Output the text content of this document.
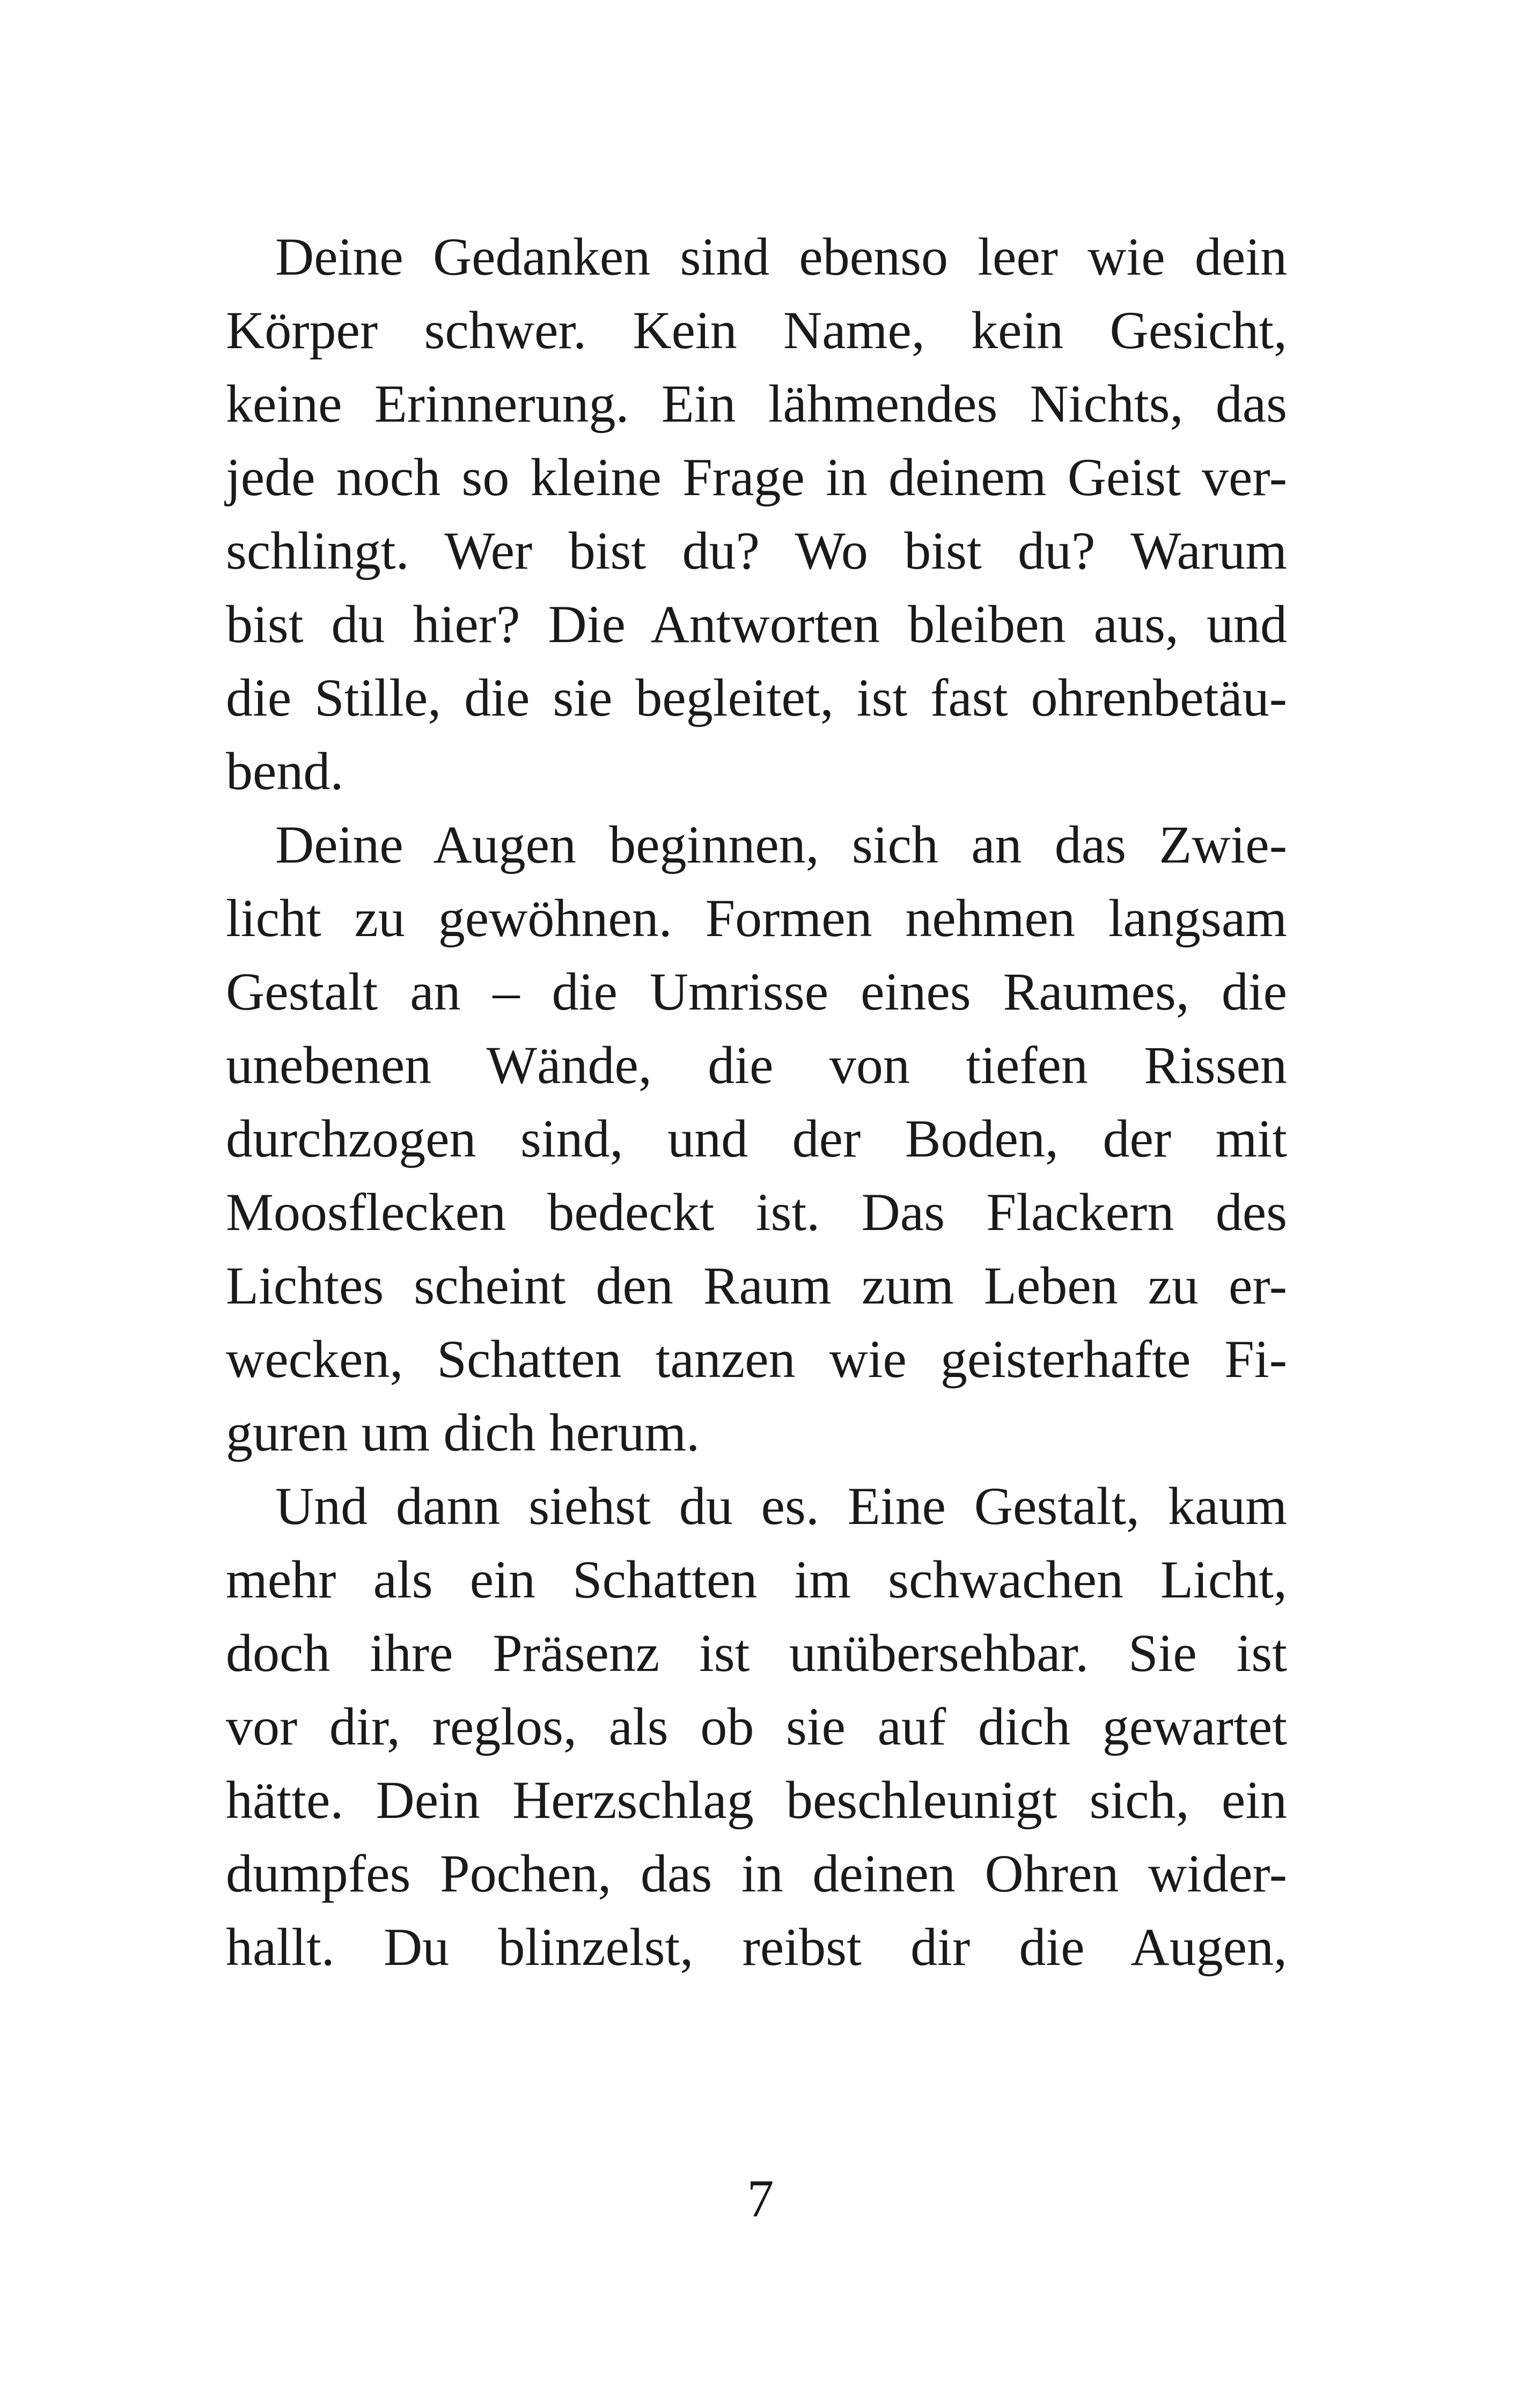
Deine Gedanken sind ebenso leer wie dein
Körper schwer. Kein Name, kein Gesicht,
keine Erinnerung. Ein lähmendes Nichts, das
jede noch so kleine Frage in deinem Geist ver-
schlingt. Wer bist du? Wo bist du? Warum
bist du hier? Die Antworten bleiben aus, und
die Stille, die sie begleitet, ist fast ohrenbetäu-
bend.
Deine Augen beginnen, sich an das Zwie-
licht zu gewöhnen. Formen nehmen langsam
Gestalt an – die Umrisse eines Raumes, die
unebenen Wände, die von tiefen Rissen
durchzogen sind, und der Boden, der mit
Moosflecken bedeckt ist. Das Flackern des
Lichtes scheint den Raum zum Leben zu er-
wecken, Schatten tanzen wie geisterhafte Fi-
guren um dich herum.
Und dann siehst du es. Eine Gestalt, kaum
mehr als ein Schatten im schwachen Licht,
doch ihre Präsenz ist unübersehbar. Sie ist
vor dir, reglos, als ob sie auf dich gewartet
hätte. Dein Herzschlag beschleunigt sich, ein
dumpfes Pochen, das in deinen Ohren wider-
hallt. Du blinzelst, reibst dir die Augen,
7
